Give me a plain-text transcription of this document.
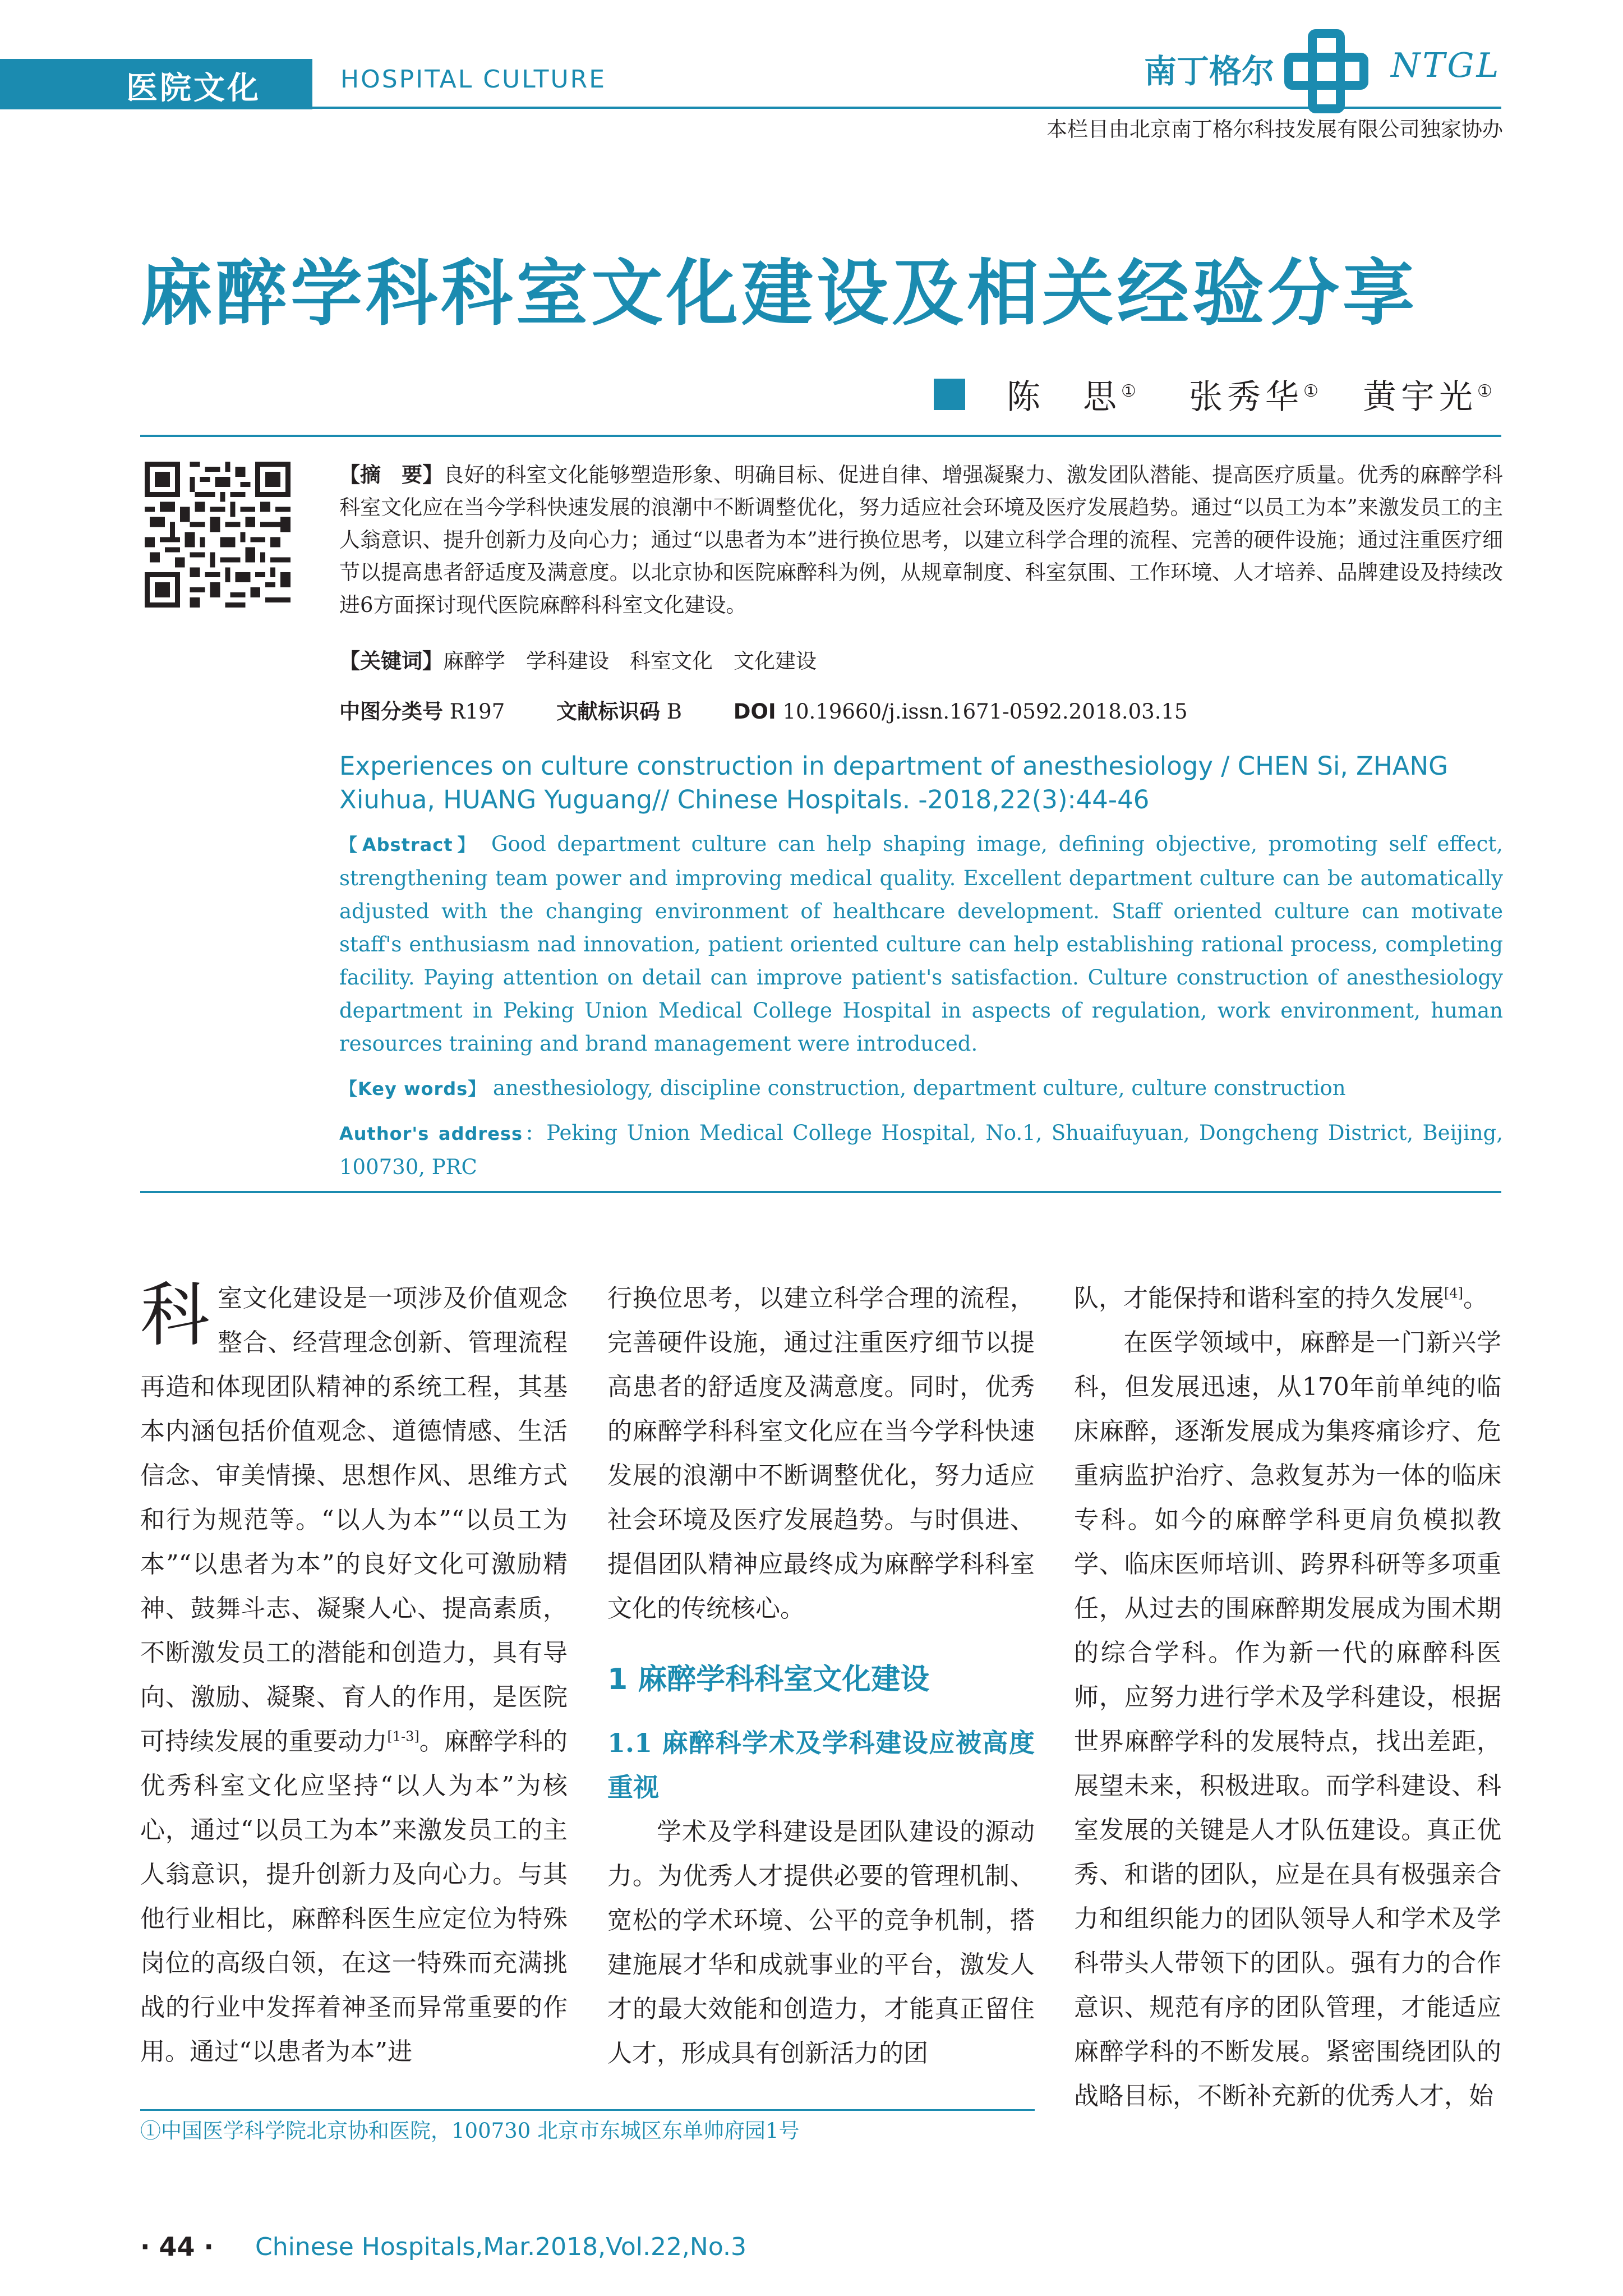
医院文化	HOSPITAL CULTURE	南丁格尔	NTGL
本栏目由北京南丁格尔科技发展有限公司独家协办
麻醉学科科室文化建设及相关经验分享
陈　思① 张秀华① 黄宇光①
【摘　要】良好的科室文化能够塑造形象、明确目标、促进自律、增强凝聚力、激发团队潜能、提高医疗质量。优秀的麻醉学科科室文化应在当今学科快速发展的浪潮中不断调整优化，努力适应社会环境及医疗发展趋势。通过“以员工为本”来激发员工的主人翁意识、提升创新力及向心力；通过“以患者为本”进行换位思考，以建立科学合理的流程、完善的硬件设施；通过注重医疗细节以提高患者舒适度及满意度。以北京协和医院麻醉科为例，从规章制度、科室氛围、工作环境、人才培养、品牌建设及持续改进6方面探讨现代医院麻醉科科室文化建设。
【关键词】麻醉学　学科建设　科室文化　文化建设
中图分类号 R197 文献标识码 B DOI 10.19660/j.issn.1671-0592.2018.03.15
Experiences on culture construction in department of anesthesiology / CHEN Si, ZHANG Xiuhua, HUANG Yuguang// Chinese Hospitals. -2018,22(3):44-46
【Abstract】 Good department culture can help shaping image, defining objective, promoting self effect, strengthening team power and improving medical quality. Excellent department culture can be automatically adjusted with the changing environment of healthcare development. Staff oriented culture can motivate staff's enthusiasm nad innovation, patient oriented culture can help establishing rational process, completing facility. Paying attention on detail can improve patient's satisfaction. Culture construction of anesthesiology department in Peking Union Medical College Hospital in aspects of regulation, work environment, human resources training and brand management were introduced.
【Key words】 anesthesiology, discipline construction, department culture, culture construction
Author's address：Peking Union Medical College Hospital, No.1, Shuaifuyuan, Dongcheng District, Beijing, 100730, PRC

科室文化建设是一项涉及价值观念整合、经营理念创新、管理流程再造和体现团队精神的系统工程，其基本内涵包括价值观念、道德情感、生活信念、审美情操、思想作风、思维方式和行为规范等。“以人为本”“以员工为本”“以患者为本”的良好文化可激励精神、鼓舞斗志、凝聚人心、提高素质，不断激发员工的潜能和创造力，具有导向、激励、凝聚、育人的作用，是医院可持续发展的重要动力[1-3]。麻醉学科的优秀科室文化应坚持“以人为本”为核心，通过“以员工为本”来激发员工的主人翁意识，提升创新力及向心力。与其他行业相比，麻醉科医生应定位为特殊岗位的高级白领，在这一特殊而充满挑战的行业中发挥着神圣而异常重要的作用。通过“以患者为本”进

行换位思考，以建立科学合理的流程，完善硬件设施，通过注重医疗细节以提高患者的舒适度及满意度。同时，优秀的麻醉学科科室文化应在当今学科快速发展的浪潮中不断调整优化，努力适应社会环境及医疗发展趋势。与时俱进、提倡团队精神应最终成为麻醉学科科室文化的传统核心。

1 麻醉学科科室文化建设
1.1 麻醉科学术及学科建设应被高度重视

学术及学科建设是团队建设的源动力。为优秀人才提供必要的管理机制、宽松的学术环境、公平的竞争机制，搭建施展才华和成就事业的平台，激发人才的最大效能和创造力，才能真正留住人才，形成具有创新活力的团

队，才能保持和谐科室的持久发展[4]。

在医学领域中，麻醉是一门新兴学科，但发展迅速，从170年前单纯的临床麻醉，逐渐发展成为集疼痛诊疗、危重病监护治疗、急救复苏为一体的临床专科。如今的麻醉学科更肩负模拟教学、临床医师培训、跨界科研等多项重任，从过去的围麻醉期发展成为围术期的综合学科。作为新一代的麻醉科医师，应努力进行学术及学科建设，根据世界麻醉学科的发展特点，找出差距，展望未来，积极进取。而学科建设、科室发展的关键是人才队伍建设。真正优秀、和谐的团队，应是在具有极强亲合力和组织能力的团队领导人和学术及学科带头人带领下的团队。强有力的合作意识、规范有序的团队管理，才能适应麻醉学科的不断发展。紧密围绕团队的战略目标，不断补充新的优秀人才，始

①中国医学科学院北京协和医院，100730 北京市东城区东单帅府园1号
· 44 · Chinese Hospitals,Mar.2018,Vol.22,No.3
